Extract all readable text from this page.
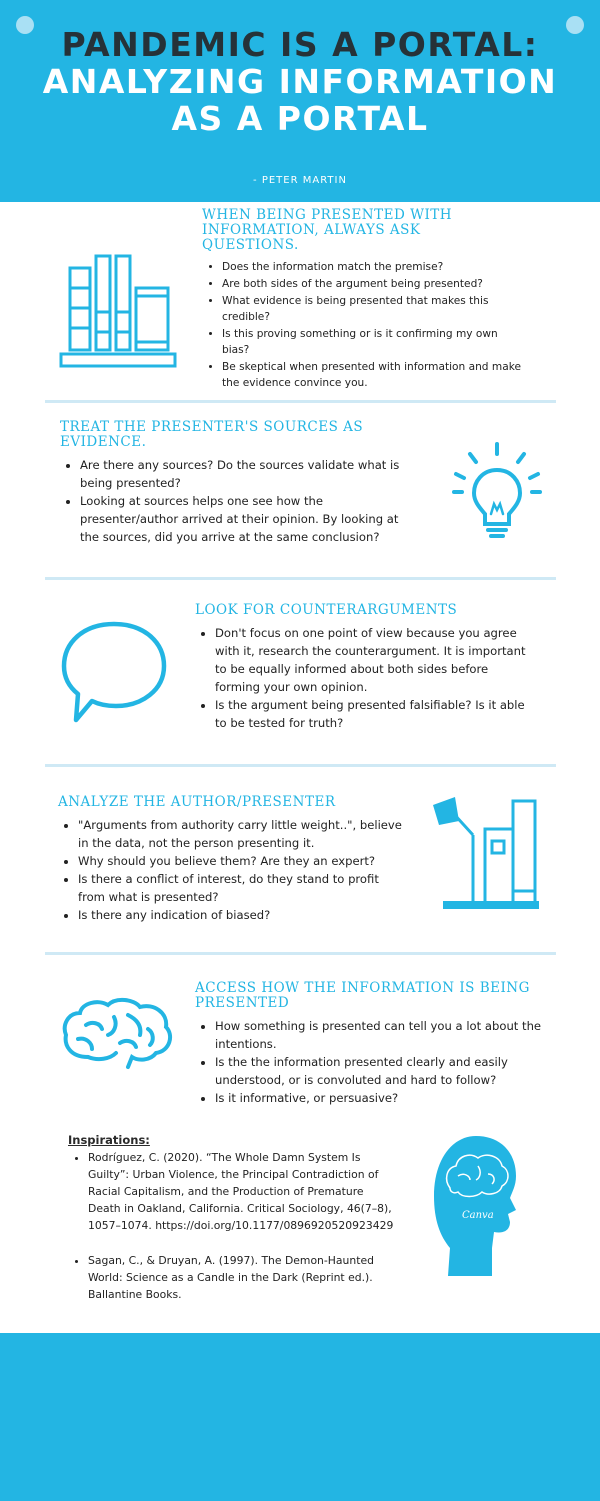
PANDEMIC IS A PORTAL:
ANALYZING INFORMATION
AS A PORTAL
- PETER MARTIN
WHEN BEING PRESENTED WITH INFORMATION, ALWAYS ASK QUESTIONS.
• Does the information match the premise?
• Are both sides of the argument being presented?
• What evidence is being presented that makes this credible?
• Is this proving something or is it confirming my own bias?
• Be skeptical when presented with information and make the evidence convince you.
TREAT THE PRESENTER'S SOURCES AS EVIDENCE.
• Are there any sources? Do the sources validate what is being presented?
• Looking at sources helps one see how the presenter/author arrived at their opinion. By looking at the sources, did you arrive at the same conclusion?
LOOK FOR COUNTERARGUMENTS
• Don't focus on one point of view because you agree with it, research the counterargument. It is important to be equally informed about both sides before forming your own opinion.
• Is the argument being presented falsifiable? Is it able to be tested for truth?
ANALYZE THE AUTHOR/PRESENTER
• "Arguments from authority carry little weight..", believe in the data, not the person presenting it.
• Why should you believe them? Are they an expert?
• Is there a conflict of interest, do they stand to profit from what is presented?
• Is there any indication of biased?
ACCESS HOW THE INFORMATION IS BEING PRESENTED
• How something is presented can tell you a lot about the intentions.
• Is the the information presented clearly and easily understood, or is convoluted and hard to follow?
• Is it informative, or persuasive?
Inspirations:
• Rodríguez, C. (2020). “The Whole Damn System Is Guilty”: Urban Violence, the Principal Contradiction of Racial Capitalism, and the Production of Premature Death in Oakland, California. Critical Sociology, 46(7–8), 1057–1074. https://doi.org/10.1177/0896920520923429
• Sagan, C., & Druyan, A. (1997). The Demon-Haunted World: Science as a Candle in the Dark (Reprint ed.). Ballantine Books.
Canva
